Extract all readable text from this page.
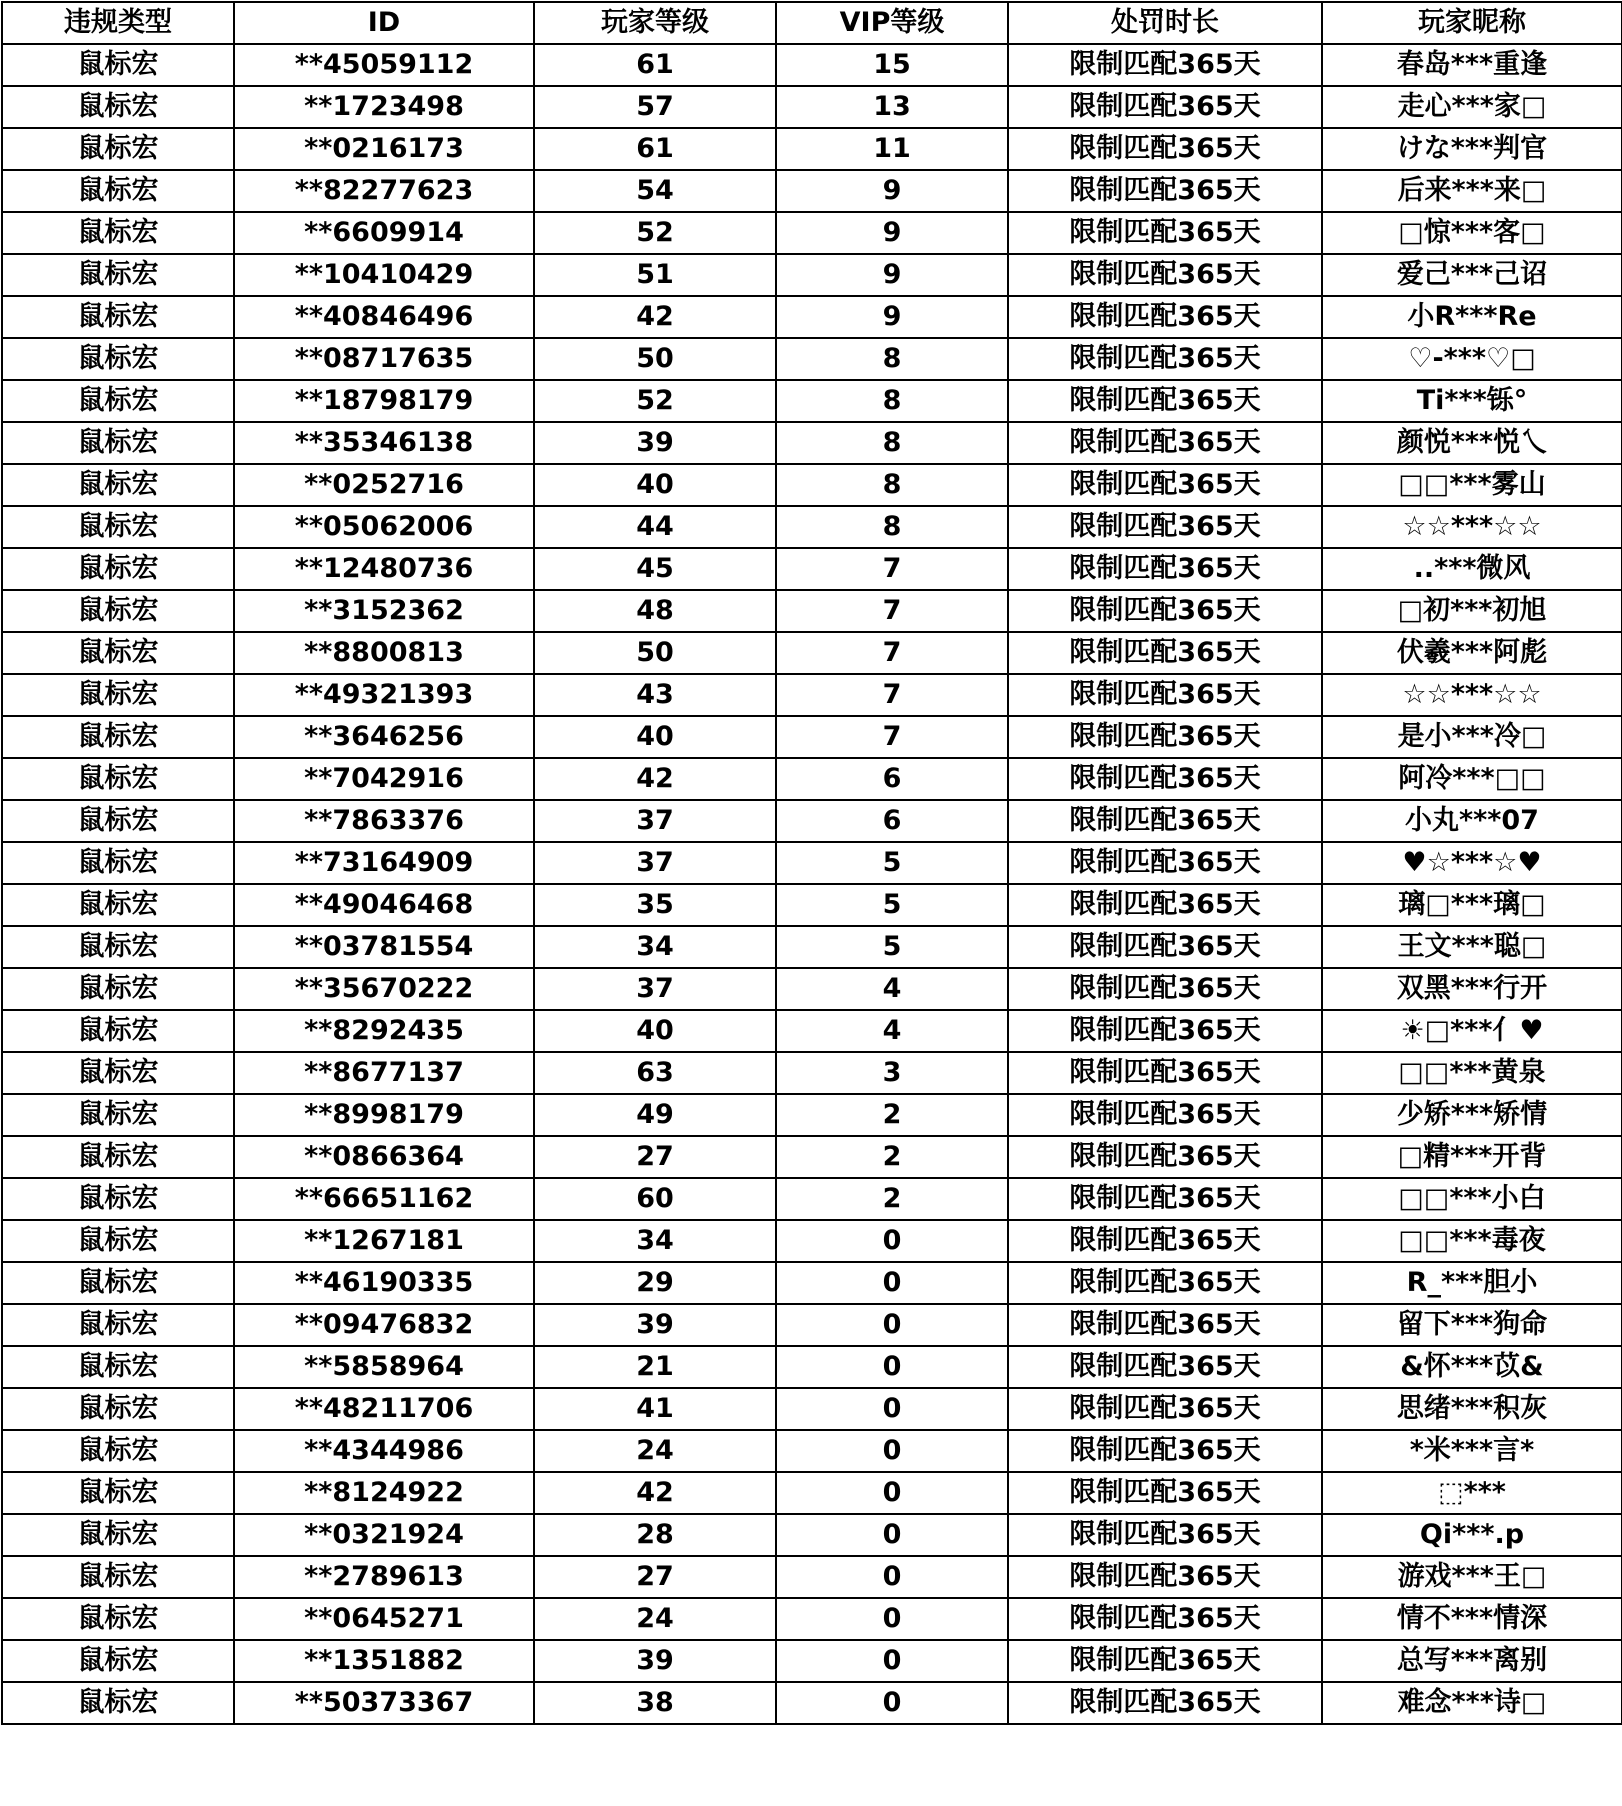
违规类型	ID	玩家等级	VIP等级	处罚时长	玩家昵称
鼠标宏	**45059112	61	15	限制匹配365天	春岛***重逢
鼠标宏	**1723498	57	13	限制匹配365天	走心***家□
鼠标宏	**0216173	61	11	限制匹配365天	けな***判官
鼠标宏	**82277623	54	9	限制匹配365天	后来***来□
鼠标宏	**6609914	52	9	限制匹配365天	□惊***客□
鼠标宏	**10410429	51	9	限制匹配365天	爱己***己诏
鼠标宏	**40846496	42	9	限制匹配365天	小R***Re
鼠标宏	**08717635	50	8	限制匹配365天	♡-***♡□
鼠标宏	**18798179	52	8	限制匹配365天	Ti***铄°
鼠标宏	**35346138	39	8	限制匹配365天	颜悦***悦乀
鼠标宏	**0252716	40	8	限制匹配365天	□□***雾山
鼠标宏	**05062006	44	8	限制匹配365天	☆☆***☆☆
鼠标宏	**12480736	45	7	限制匹配365天	..***微风
鼠标宏	**3152362	48	7	限制匹配365天	□初***初旭
鼠标宏	**8800813	50	7	限制匹配365天	伏羲***阿彪
鼠标宏	**49321393	43	7	限制匹配365天	☆☆***☆☆
鼠标宏	**3646256	40	7	限制匹配365天	是小***冷□
鼠标宏	**7042916	42	6	限制匹配365天	阿冷***□□
鼠标宏	**7863376	37	6	限制匹配365天	小丸***07
鼠标宏	**73164909	37	5	限制匹配365天	♥☆***☆♥
鼠标宏	**49046468	35	5	限制匹配365天	璃□***璃□
鼠标宏	**03781554	34	5	限制匹配365天	王文***聪□
鼠标宏	**35670222	37	4	限制匹配365天	双黑***行开
鼠标宏	**8292435	40	4	限制匹配365天	☀□***亻♥
鼠标宏	**8677137	63	3	限制匹配365天	□□***黄泉
鼠标宏	**8998179	49	2	限制匹配365天	少矫***矫情
鼠标宏	**0866364	27	2	限制匹配365天	□精***开背
鼠标宏	**66651162	60	2	限制匹配365天	□□***小白
鼠标宏	**1267181	34	0	限制匹配365天	□□***毒夜
鼠标宏	**46190335	29	0	限制匹配365天	R_***胆小
鼠标宏	**09476832	39	0	限制匹配365天	留下***狗命
鼠标宏	**5858964	21	0	限制匹配365天	&怀***苡&
鼠标宏	**48211706	41	0	限制匹配365天	思绪***积灰
鼠标宏	**4344986	24	0	限制匹配365天	*米***言*
鼠标宏	**8124922	42	0	限制匹配365天	⬚***
鼠标宏	**0321924	28	0	限制匹配365天	Qi***.p
鼠标宏	**2789613	27	0	限制匹配365天	游戏***王□
鼠标宏	**0645271	24	0	限制匹配365天	情不***情深
鼠标宏	**1351882	39	0	限制匹配365天	总写***离别
鼠标宏	**50373367	38	0	限制匹配365天	难念***诗□
